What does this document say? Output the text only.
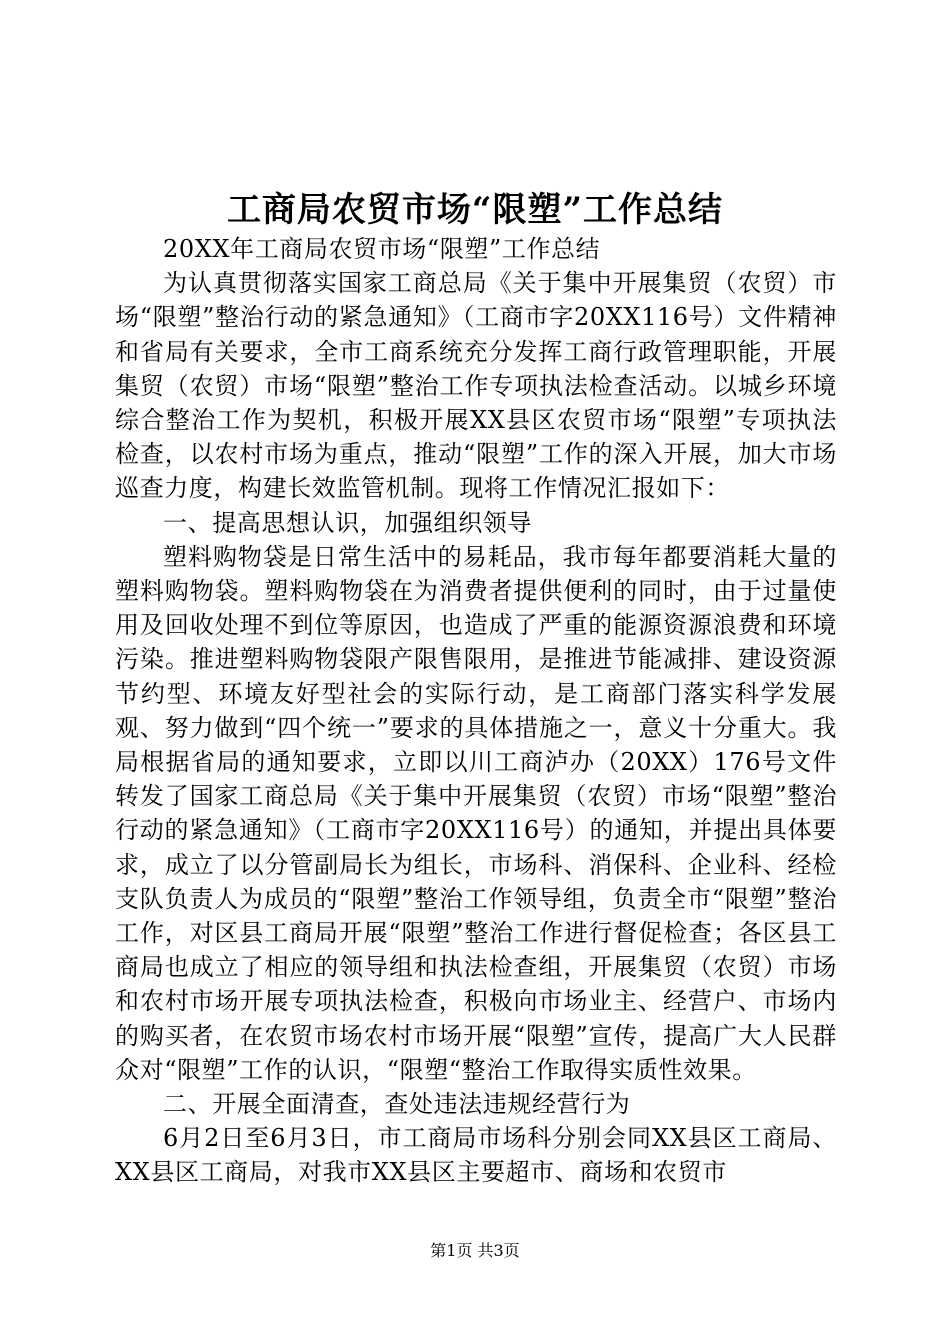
工商局农贸市场“限塑”工作总结

20XX年工商局农贸市场“限塑”工作总结

为认真贯彻落实国家工商总局《关于集中开展集贸（农贸）市场“限塑”整治行动的紧急通知》（工商市字20XX116号）文件精神和省局有关要求，全市工商系统充分发挥工商行政管理职能，开展集贸（农贸）市场“限塑”整治工作专项执法检查活动。以城乡环境综合整治工作为契机，积极开展XX县区农贸市场“限塑”专项执法检查，以农村市场为重点，推动“限塑”工作的深入开展，加大市场巡查力度，构建长效监管机制。现将工作情况汇报如下：

一、提高思想认识，加强组织领导

塑料购物袋是日常生活中的易耗品，我市每年都要消耗大量的塑料购物袋。塑料购物袋在为消费者提供便利的同时，由于过量使用及回收处理不到位等原因，也造成了严重的能源资源浪费和环境污染。推进塑料购物袋限产限售限用，是推进节能减排、建设资源节约型、环境友好型社会的实际行动，是工商部门落实科学发展观、努力做到“四个统一”要求的具体措施之一，意义十分重大。我局根据省局的通知要求，立即以川工商泸办（20XX）176号文件转发了国家工商总局《关于集中开展集贸（农贸）市场“限塑”整治行动的紧急通知》（工商市字20XX116号）的通知，并提出具体要求，成立了以分管副局长为组长，市场科、消保科、企业科、经检支队负责人为成员的“限塑”整治工作领导组，负责全市“限塑”整治工作，对区县工商局开展“限塑”整治工作进行督促检查；各区县工商局也成立了相应的领导组和执法检查组，开展集贸（农贸）市场和农村市场开展专项执法检查，积极向市场业主、经营户、市场内的购买者，在农贸市场农村市场开展“限塑”宣传，提高广大人民群众对“限塑”工作的认识，“限塑“整治工作取得实质性效果。

二、开展全面清查，查处违法违规经营行为

6月2日至6月3日，市工商局市场科分别会同XX县区工商局、XX县区工商局，对我市XX县区主要超市、商场和农贸市

第1页 共3页
